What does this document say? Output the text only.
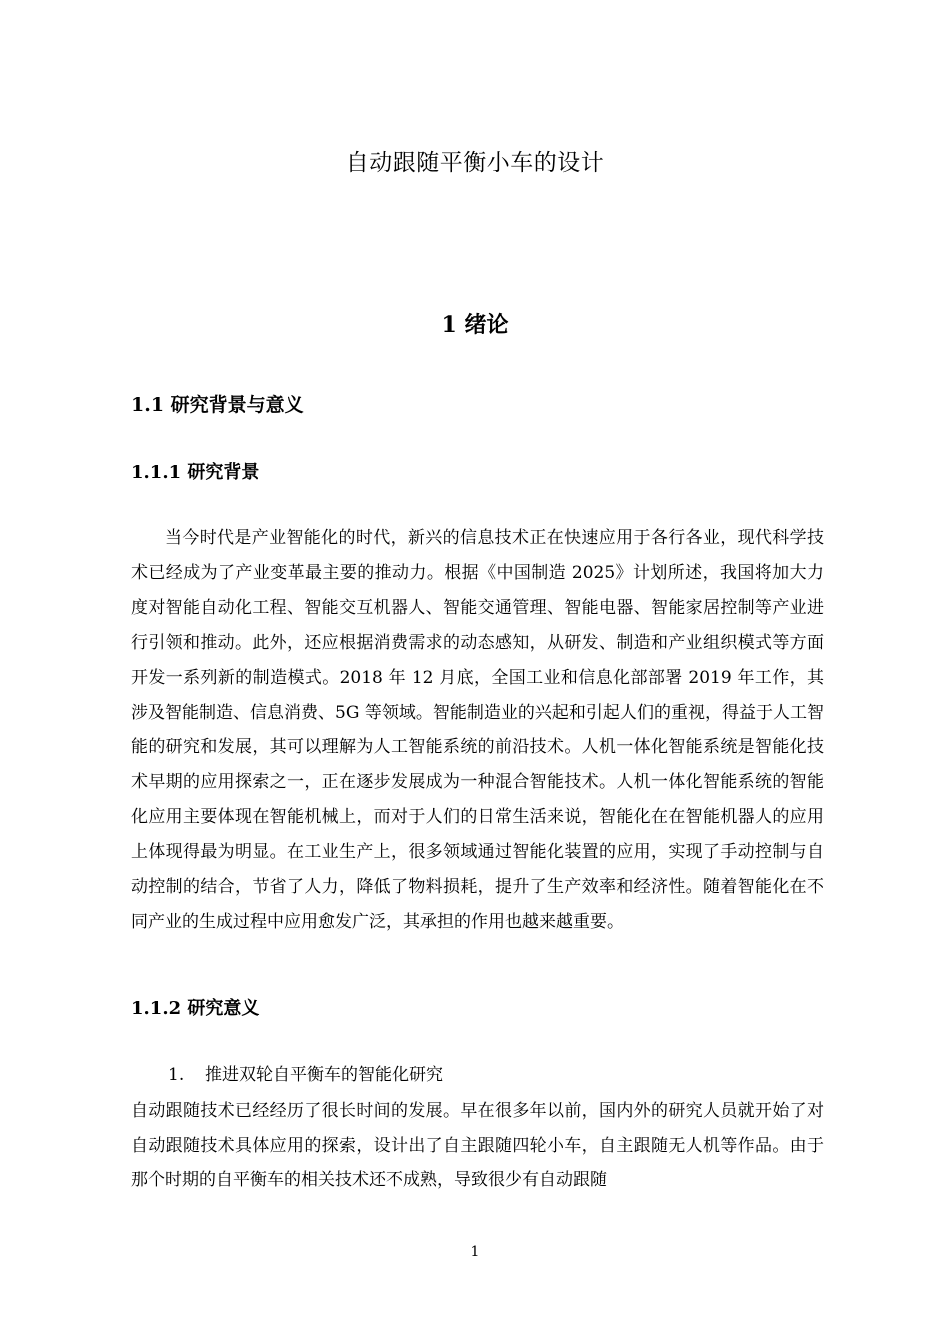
自动跟随平衡小车的设计
1 绪论
1.1 研究背景与意义
1.1.1 研究背景

当今时代是产业智能化的时代，新兴的信息技术正在快速应用于各行各业，现代科学技术已经成为了产业变革最主要的推动力。根据《中国制造 2025》计划所述，我国将加大力度对智能自动化工程、智能交互机器人、智能交通管理、智能电器、智能家居控制等产业进行引领和推动。此外，还应根据消费需求的动态感知，从研发、制造和产业组织模式等方面开发一系列新的制造模式。2018 年 12 月底，全国工业和信息化部部署 2019 年工作，其涉及智能制造、信息消费、5G 等领域。智能制造业的兴起和引起人们的重视，得益于人工智能的研究和发展，其可以理解为人工智能系统的前沿技术。人机一体化智能系统是智能化技术早期的应用探索之一，正在逐步发展成为一种混合智能技术。人机一体化智能系统的智能化应用主要体现在智能机械上，而对于人们的日常生活来说，智能化在在智能机器人的应用上体现得最为明显。在工业生产上，很多领域通过智能化装置的应用，实现了手动控制与自动控制的结合，节省了人力，降低了物料损耗，提升了生产效率和经济性。随着智能化在不同产业的生成过程中应用愈发广泛，其承担的作用也越来越重要。

1.1.2 研究意义
1. 推进双轮自平衡车的智能化研究

自动跟随技术已经经历了很长时间的发展。早在很多年以前，国内外的研究人员就开始了对自动跟随技术具体应用的探索，设计出了自主跟随四轮小车，自主跟随无人机等作品。由于那个时期的自平衡车的相关技术还不成熟，导致很少有自动跟随

1
